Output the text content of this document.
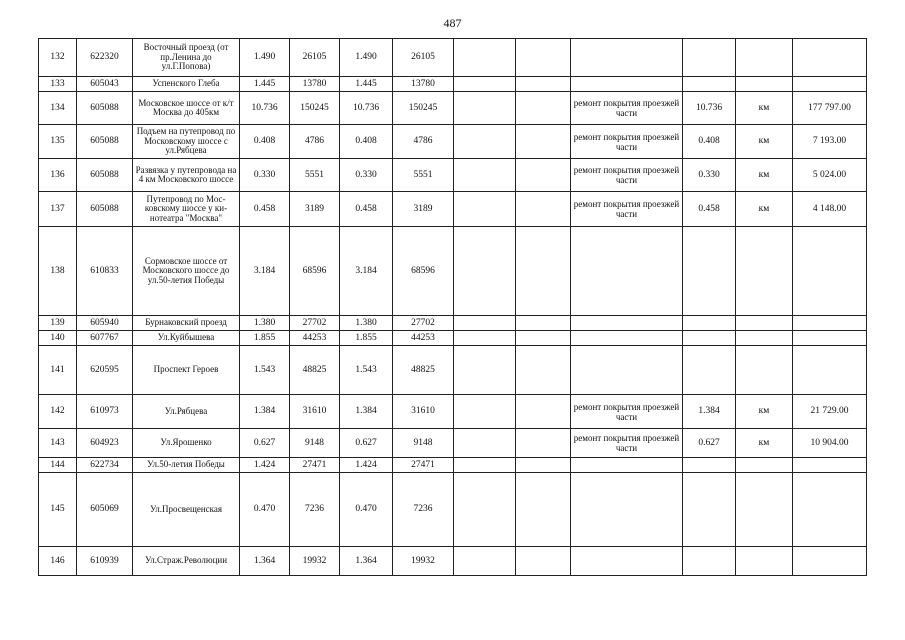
487
132	622320	Восточный проезд (от пр.Ленина до ул.Г.Попова)	1.490	26105	1.490	26105						
133	605043	Успенского Глеба	1.445	13780	1.445	13780						
134	605088	Московское шоссе от к/т Москва до 405км	10.736	150245	10.736	150245			ремонт покрытия проезжей части	10.736	км	177 797.00
135	605088	Подъем на путепровод по Московскому шоссе с ул.Рябцева	0.408	4786	0.408	4786			ремонт покрытия проезжей части	0.408	км	7 193.00
136	605088	Развязка у путепровода на 4 км Московского шоссе	0.330	5551	0.330	5551			ремонт покрытия проезжей части	0.330	км	5 024.00
137	605088	Путепровод по Мос-ковскому шоссе у ки-нотеатра "Москва"	0.458	3189	0.458	3189			ремонт покрытия проезжей части	0.458	км	4 148.00
138	610833	Сормовское шоссе от Московского шоссе до ул.50-летия Победы	3.184	68596	3.184	68596						
139	605940	Бурнаковский проезд	1.380	27702	1.380	27702						
140	607767	Ул.Куйбышева	1.855	44253	1.855	44253						
141	620595	Проспект Героев	1.543	48825	1.543	48825						
142	610973	Ул.Рябцева	1.384	31610	1.384	31610			ремонт покрытия проезжей части	1.384	км	21 729.00
143	604923	Ул.Ярошенко	0.627	9148	0.627	9148			ремонт покрытия проезжей части	0.627	км	10 904.00
144	622734	Ул.50-летия Победы	1.424	27471	1.424	27471						
145	605069	Ул.Просвещенская	0.470	7236	0.470	7236						
146	610939	Ул.Страж.Революции	1.364	19932	1.364	19932						
